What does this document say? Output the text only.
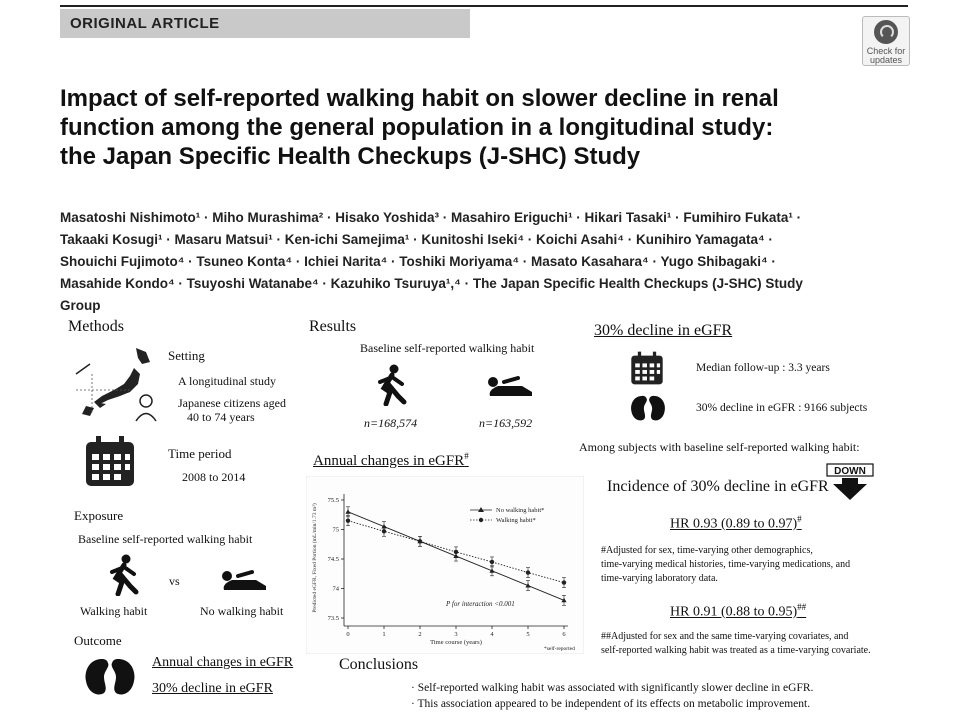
ORIGINAL ARTICLE
Check for
updates
Impact of self-reported walking habit on slower decline in renal
function among the general population in a longitudinal study:
the Japan Specific Health Checkups (J-SHC) Study
Masatoshi Nishimoto¹ · Miho Murashima² · Hisako Yoshida³ · Masahiro Eriguchi¹ · Hikari Tasaki¹ · Fumihiro Fukata¹ ·
Takaaki Kosugi¹ · Masaru Matsui¹ · Ken-ichi Samejima¹ · Kunitoshi Iseki⁴ · Koichi Asahi⁴ · Kunihiro Yamagata⁴ ·
Shouichi Fujimoto⁴ · Tsuneo Konta⁴ · Ichiei Narita⁴ · Toshiki Moriyama⁴ · Masato Kasahara⁴ · Yugo Shibagaki⁴ ·
Masahide Kondo⁴ · Tsuyoshi Watanabe⁴ · Kazuhiko Tsuruya¹,⁴ · The Japan Specific Health Checkups (J-SHC) Study
Group
Methods
Setting
A longitudinal study
Japanese citizens aged
40 to 74 years
Time period
2008 to 2014
Exposure
Baseline self-reported walking habit
vs
Walking habit	No walking habit
Outcome
Annual changes in eGFR
30% decline in eGFR
Results
Baseline self-reported walking habit
n=168,574	n=163,592
Annual changes in eGFR#
Predicted eGFR, Fixed Portion (mL/min/1.73 m²)
73.5
74
74.5
75
75.5
0	1	2	3	4	5	6
No walking habit*
Walking habit*
P for interaction <0.001
Time course (years)
*self-reported
30% decline in eGFR
Median follow-up : 3.3 years
30% decline in eGFR : 9166 subjects
Among subjects with baseline self-reported walking habit:
DOWN
Incidence of 30% decline in eGFR
HR 0.93 (0.89 to 0.97)#
#Adjusted for sex, time-varying other demographics,
time-varying medical histories, time-varying medications, and
time-varying laboratory data.
HR 0.91 (0.88 to 0.95)##
##Adjusted for sex and the same time-varying covariates, and
self-reported walking habit was treated as a time-varying covariate.
Conclusions
· Self-reported walking habit was associated with significantly slower decline in eGFR.
· This association appeared to be independent of its effects on metabolic improvement.
